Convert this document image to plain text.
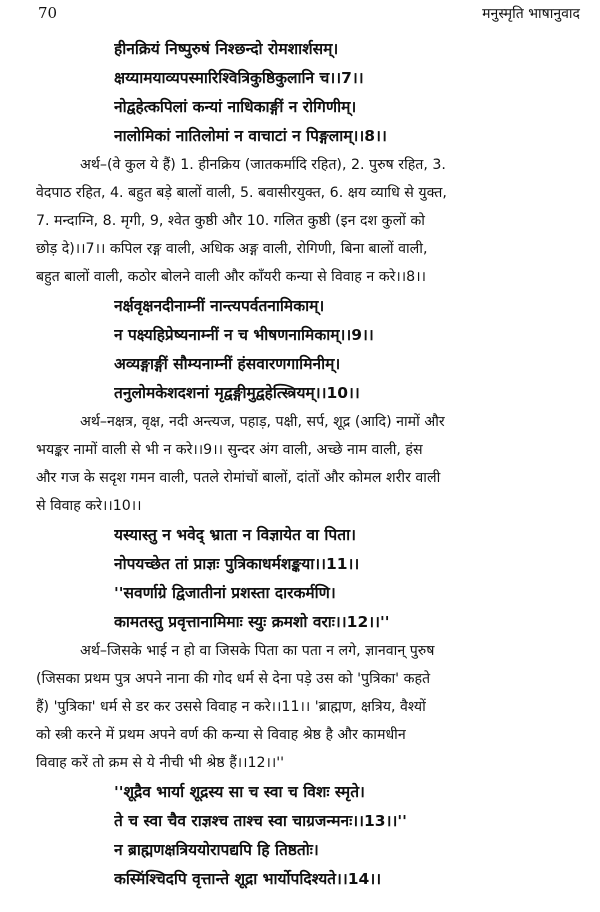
70	मनुस्मृति भाषानुवाद
हीनक्रियं निष्पुरुषं निश्छन्दो रोमशार्शसम्।
क्षय्यामयाव्यपस्मारिश्वित्रिकुष्ठिकुलानि च।।7।।
नोद्वहेत्कपिलां कन्यां नाधिकाङ्गीं न रोगिणीम्।
नालोमिकां नातिलोमां न वाचाटां न पिङ्गलाम्।।8।।
अर्थ–(वे कुल ये हैं) 1. हीनक्रिय (जातकर्मादि रहित), 2. पुरुष रहित, 3.
वेदपाठ रहित, 4. बहुत बड़े बालों वाली, 5. बवासीरयुक्त, 6. क्षय व्याधि से युक्त,
7. मन्दाग्नि, 8. मृगी, 9, श्वेत कुष्ठी और 10. गलित कुष्ठी (इन दश कुलों को
छोड़ दे)।।7।। कपिल रङ्ग वाली, अधिक अङ्ग वाली, रोगिणी, बिना बालों वाली,
बहुत बालों वाली, कठोर बोलने वाली और काँयरी कन्या से विवाह न करे।।8।।
नर्क्षवृक्षनदीनाम्नीं नान्त्यपर्वतनामिकाम्।
न पक्ष्यहिप्रेष्यनाम्नीं न च भीषणनामिकाम्।।9।।
अव्यङ्गाङ्गीं सौम्यनाम्नीं हंसवारणगामिनीम्।
तनुलोमकेशदशनां मृद्वङ्गीमुद्वहेत्स्त्रियम्।।10।।
अर्थ–नक्षत्र, वृक्ष, नदी अन्त्यज, पहाड़, पक्षी, सर्प, शूद्र (आदि) नामों और
भयङ्कर नामों वाली से भी न करे।।9।। सुन्दर अंग वाली, अच्छे नाम वाली, हंस
और गज के सदृश गमन वाली, पतले रोमांचों बालों, दांतों और कोमल शरीर वाली
से विवाह करे।।10।।
यस्यास्तु न भवेद् भ्राता न विज्ञायेत वा पिता।
नोपयच्छेत तां प्राज्ञः पुत्रिकाधर्मशङ्कया।।11।।
''सवर्णाग्रे द्विजातीनां प्रशस्ता दारकर्मणि।
कामतस्तु प्रवृत्तानामिमाः स्युः क्रमशो वराः।।12।।''
अर्थ–जिसके भाई न हो वा जिसके पिता का पता न लगे, ज्ञानवान् पुरुष
(जिसका प्रथम पुत्र अपने नाना की गोद धर्म से देना पड़े उस को 'पुत्रिका' कहते
हैं) 'पुत्रिका' धर्म से डर कर उससे विवाह न करे।।11।। 'ब्राह्मण, क्षत्रिय, वैश्यों
को स्त्री करने में प्रथम अपने वर्ण की कन्या से विवाह श्रेष्ठ है और कामधीन
विवाह करें तो क्रम से ये नीची भी श्रेष्ठ हैं।।12।।''
''शूद्रैव भार्या शूद्रस्य सा च स्वा च विशः स्मृते।
ते च स्वा चैव राज्ञश्च ताश्च स्वा चाग्रजन्मनः।।13।।''
न ब्राह्मणक्षत्रिययोरापद्यपि हि तिष्ठतोः।
कस्मिंश्चिदपि वृत्तान्ते शूद्रा भार्योपदिश्यते।।14।।
